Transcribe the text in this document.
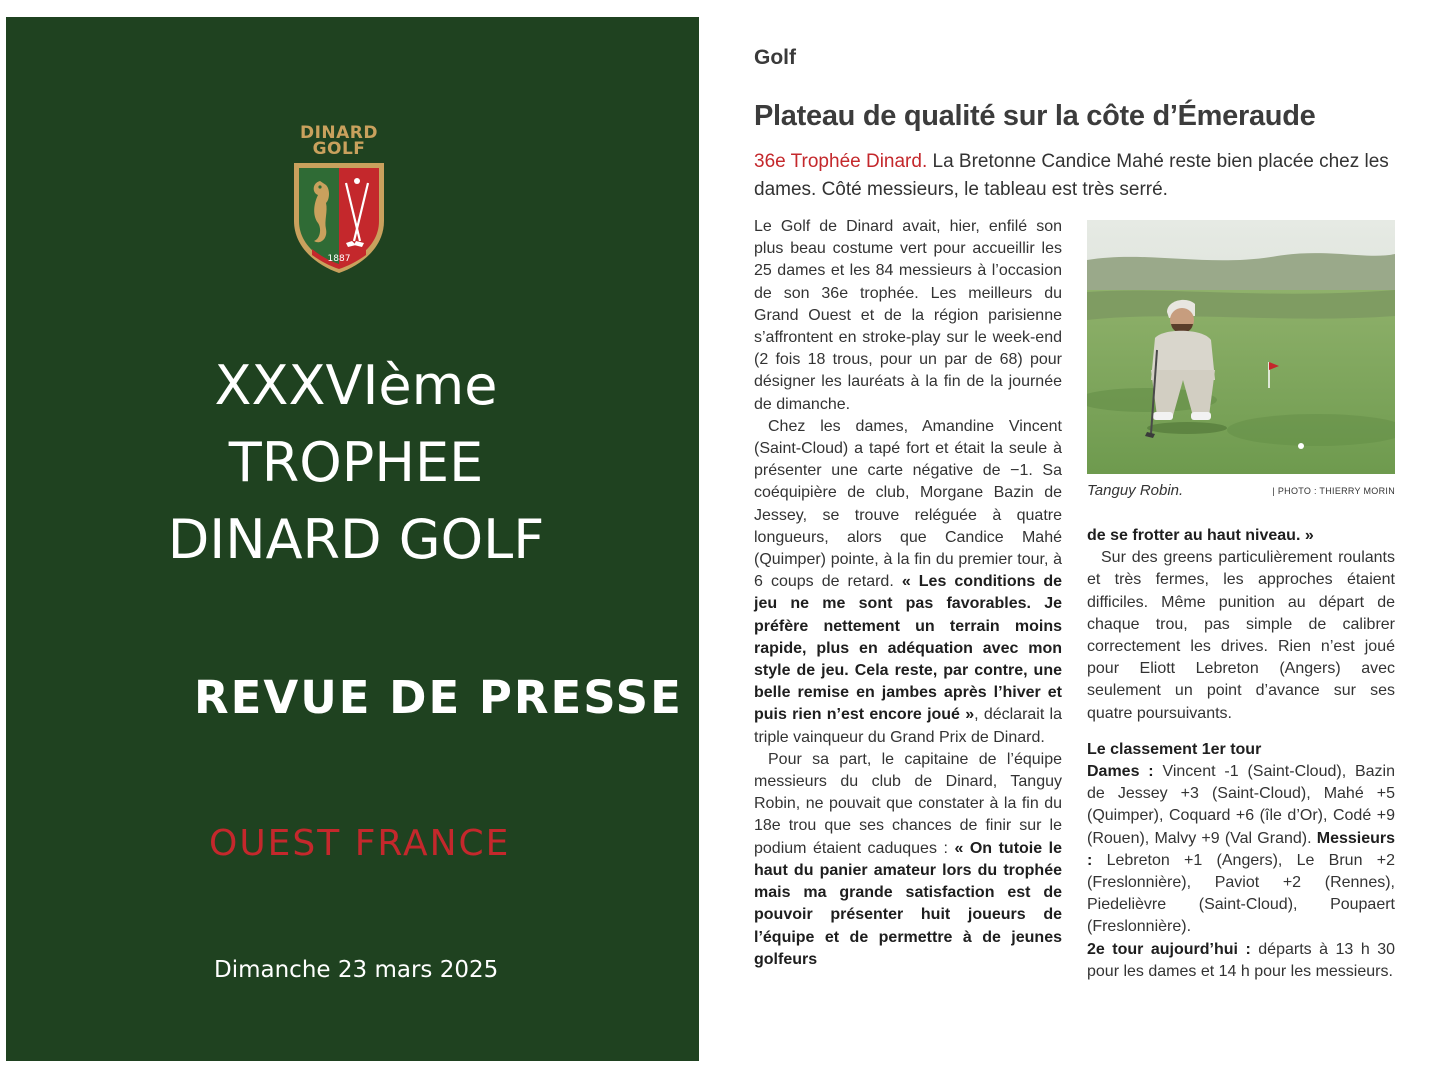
DINARD
GOLF
1887
XXXVIème
TROPHEE
DINARD GOLF
REVUE DE PRESSE
OUEST FRANCE
Dimanche 23 mars 2025
Golf
Plateau de qualité sur la côte d’Émeraude
36e Trophée Dinard. La Bretonne Candice Mahé reste bien placée chez les dames. Côté messieurs, le tableau est très serré.

Le Golf de Dinard avait, hier, enfilé son plus beau costume vert pour accueillir les 25 dames et les 84 messieurs à l’occasion de son 36e trophée. Les meilleurs du Grand Ouest et de la région parisienne s’affrontent en stroke-play sur le week-end (2 fois 18 trous, pour un par de 68) pour désigner les lauréats à la fin de la journée de dimanche.

Chez les dames, Amandine Vincent (Saint-Cloud) a tapé fort et était la seule à présenter une carte négative de −1. Sa coéquipière de club, Morgane Bazin de Jessey, se trouve reléguée à quatre longueurs, alors que Candice Mahé (Quimper) pointe, à la fin du premier tour, à 6 coups de retard. « Les conditions de jeu ne me sont pas favorables. Je préfère nettement un terrain moins rapide, plus en adéquation avec mon style de jeu. Cela reste, par contre, une belle remise en jambes après l’hiver et puis rien n’est encore joué », déclarait la triple vainqueur du Grand Prix de Dinard.

Pour sa part, le capitaine de l’équipe messieurs du club de Dinard, Tanguy Robin, ne pouvait que constater à la fin du 18e trou que ses chances de finir sur le podium étaient caduques : « On tutoie le haut du panier amateur lors du trophée mais ma grande satisfaction est de pouvoir présenter huit joueurs de l’équipe et de permettre à de jeunes golfeurs

Tanguy Robin.	| PHOTO : THIERRY MORIN

de se frotter au haut niveau. »

Sur des greens particulièrement roulants et très fermes, les approches étaient difficiles. Même punition au départ de chaque trou, pas simple de calibrer correctement les drives. Rien n’est joué pour Eliott Lebreton (Angers) avec seulement un point d’avance sur ses quatre poursuivants.

Le classement 1er tour

Dames : Vincent -1 (Saint-Cloud), Bazin de Jessey +3 (Saint-Cloud), Mahé +5 (Quimper), Coquard +6 (île d’Or), Codé +9 (Rouen), Malvy +9 (Val Grand). Messieurs : Lebreton +1 (Angers), Le Brun +2 (Freslonnière), Paviot +2 (Rennes), Piedelièvre (Saint-Cloud), Poupaert (Freslonnière).

2e tour aujourd’hui : départs à 13 h 30 pour les dames et 14 h pour les messieurs.
